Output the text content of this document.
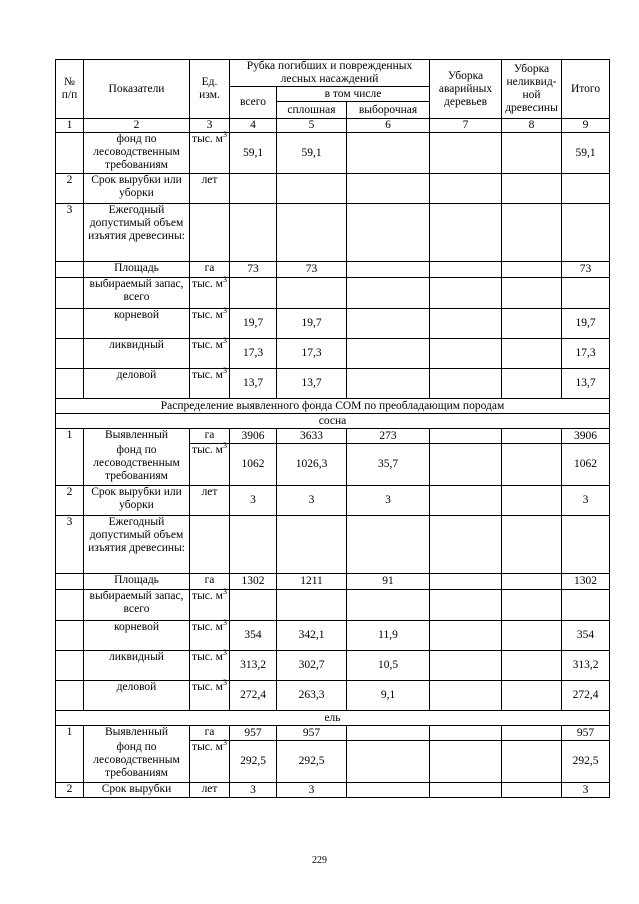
№ п/п	Показатели	Ед. изм.	Рубка погибших и поврежденных лесных насаждений			Уборка аварийных деревьев	Уборка неликвид-ной древесины	Итого
			всего	в том числе				
				сплошная	выборочная			
1	2	3	4	5	6	7	8	9
	фонд по лесоводственным требованиям	тыс. $м^3$	59,1	59,1				59,1
2	Срок вырубки или уборки	лет						
3	Ежегодный допустимый объем изъятия древесины:							
	Площадь	га	73	73				73
	выбираемый запас, всего	тыс. $м^3$						
	корневой	тыс. $м^3$	19,7	19,7				19,7
	ликвидный	тыс. $м^3$	17,3	17,3				17,3
	деловой	тыс. $м^3$	13,7	13,7				13,7
Распределение выявленного фонда СОМ по преобладающим породам								
сосна								
1	Выявленный	га	3906	3633	273			3906
	фонд по лесоводственным требованиям	тыс. $м^3$	1062	1026,3	35,7			1062
2	Срок вырубки или уборки	лет	3	3	3			3
3	Ежегодный допустимый объем изъятия древесины:							
	Площадь	га	1302	1211	91			1302
	выбираемый запас, всего	тыс. $м^3$						
	корневой	тыс. $м^3$	354	342,1	11,9			354
	ликвидный	тыс. $м^3$	313,2	302,7	10,5			313,2
	деловой	тыс. $м^3$	272,4	263,3	9,1			272,4
ель								
1	Выявленный	га	957	957				957
	фонд по лесоводственным требованиям	тыс. $м^3$	292,5	292,5				292,5
2	Срок вырубки	лет	3	3				3
229
